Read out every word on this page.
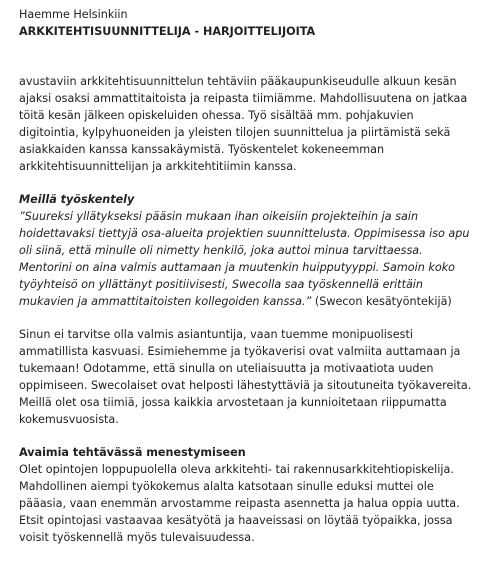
Haemme Helsinkiin

ARKKITEHTISUUNNITTELIJA - HARJOITTELIJOITA

avustaviin arkkitehtisuunnittelun tehtäviin pääkaupunkiseudulle alkuun kesän ajaksi osaksi ammattitaitoista ja reipasta tiimiämme. Mahdollisuutena on jatkaa töitä kesän jälkeen opiskeluiden ohessa. Työ sisältää mm. pohjakuvien digitointia, kylpyhuoneiden ja yleisten tilojen suunnittelua ja piirtämistä sekä asiakkaiden kanssa kanssakäymistä. Työskentelet kokeneemman arkkitehtisuunnittelijan ja arkkitehtitiimin kanssa.

Meillä työskentely

”Suureksi yllätykseksi pääsin mukaan ihan oikeisiin projekteihin ja sain hoidettavaksi tiettyjä osa-alueita projektien suunnittelusta. Oppimisessa iso apu oli siinä, että minulle oli nimetty henkilö, joka auttoi minua tarvittaessa. Mentorini on aina valmis auttamaan ja muutenkin huipputyyppi. Samoin koko työyhteisö on yllättänyt positiivisesti, Swecolla saa työskennellä erittäin mukavien ja ammattitaitoisten kollegoiden kanssa.” (Swecon kesätyöntekijä)

Sinun ei tarvitse olla valmis asiantuntija, vaan tuemme monipuolisesti ammatillista kasvuasi. Esimiehemme ja työkaverisi ovat valmiita auttamaan ja tukemaan! Odotamme, että sinulla on uteliaisuutta ja motivaatiota uuden oppimiseen. Swecolaiset ovat helposti lähestyttäviä ja sitoutuneita työkavereita. Meillä olet osa tiimiä, jossa kaikkia arvostetaan ja kunnioitetaan riippumatta kokemusvuosista.

Avaimia tehtävässä menestymiseen

Olet opintojen loppupuolella oleva arkkitehti- tai rakennusarkkitehtiopiskelija. Mahdollinen aiempi työkokemus alalta katsotaan sinulle eduksi muttei ole pääasia, vaan enemmän arvostamme reipasta asennetta ja halua oppia uutta. Etsit opintojasi vastaavaa kesätyötä ja haaveissasi on löytää työpaikka, jossa voisit työskennellä myös tulevaisuudessa.
